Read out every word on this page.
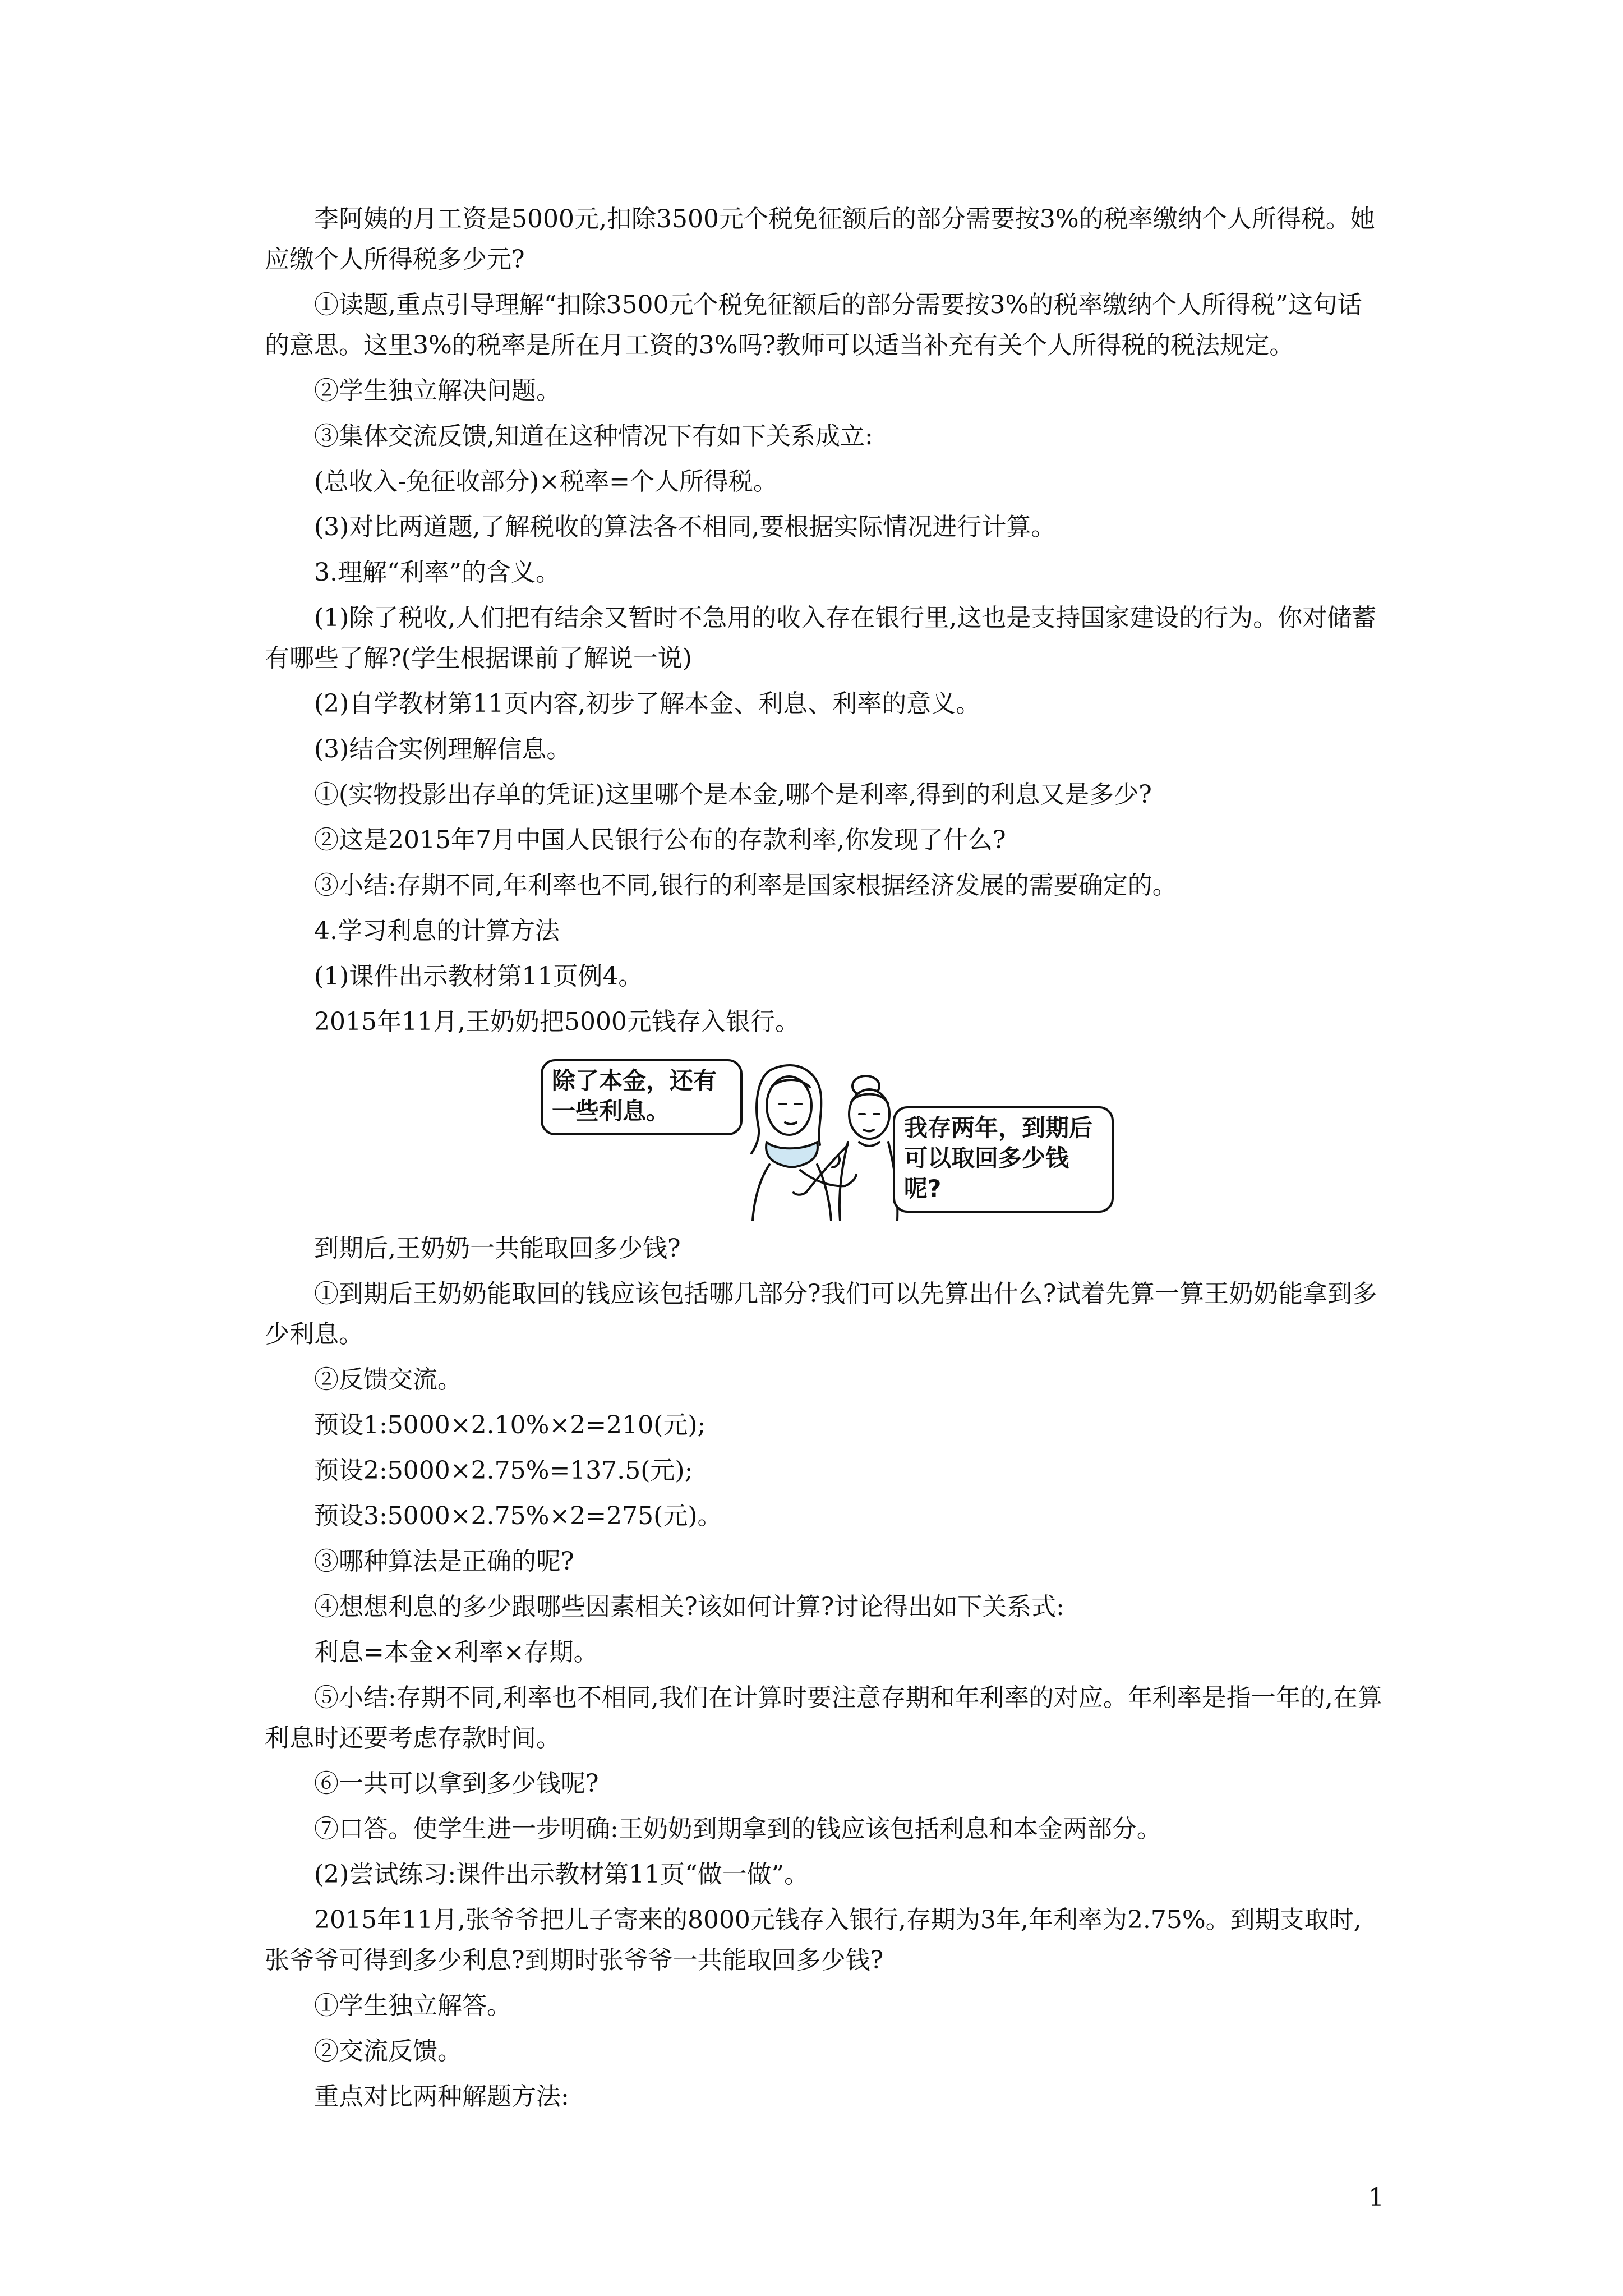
李阿姨的月工资是5000元,扣除3500元个税免征额后的部分需要按3%的税率缴纳个人所得税。她应缴个人所得税多少元?

①读题,重点引导理解“扣除3500元个税免征额后的部分需要按3%的税率缴纳个人所得税”这句话的意思。这里3%的税率是所在月工资的3%吗?教师可以适当补充有关个人所得税的税法规定。

②学生独立解决问题。

③集体交流反馈,知道在这种情况下有如下关系成立:

(总收入-免征收部分)×税率=个人所得税。

(3)对比两道题,了解税收的算法各不相同,要根据实际情况进行计算。

3.理解“利率”的含义。

(1)除了税收,人们把有结余又暂时不急用的收入存在银行里,这也是支持国家建设的行为。你对储蓄有哪些了解?(学生根据课前了解说一说)

(2)自学教材第11页内容,初步了解本金、利息、利率的意义。

(3)结合实例理解信息。

①(实物投影出存单的凭证)这里哪个是本金,哪个是利率,得到的利息又是多少?

②这是2015年7月中国人民银行公布的存款利率,你发现了什么?

③小结:存期不同,年利率也不同,银行的利率是国家根据经济发展的需要确定的。

4.学习利息的计算方法

(1)课件出示教材第11页例4。

2015年11月,王奶奶把5000元钱存入银行。

除了本金，还有一些利息。
我存两年，到期后可以取回多少钱呢?

到期后,王奶奶一共能取回多少钱?

①到期后王奶奶能取回的钱应该包括哪几部分?我们可以先算出什么?试着先算一算王奶奶能拿到多少利息。

②反馈交流。

预设1:5000×2.10%×2=210(元);

预设2:5000×2.75%=137.5(元);

预设3:5000×2.75%×2=275(元)。

③哪种算法是正确的呢?

④想想利息的多少跟哪些因素相关?该如何计算?讨论得出如下关系式:

利息=本金×利率×存期。

⑤小结:存期不同,利率也不相同,我们在计算时要注意存期和年利率的对应。年利率是指一年的,在算利息时还要考虑存款时间。

⑥一共可以拿到多少钱呢?

⑦口答。使学生进一步明确:王奶奶到期拿到的钱应该包括利息和本金两部分。

(2)尝试练习:课件出示教材第11页“做一做”。

2015年11月,张爷爷把儿子寄来的8000元钱存入银行,存期为3年,年利率为2.75%。到期支取时,张爷爷可得到多少利息?到期时张爷爷一共能取回多少钱?

①学生独立解答。

②交流反馈。

重点对比两种解题方法:

1
